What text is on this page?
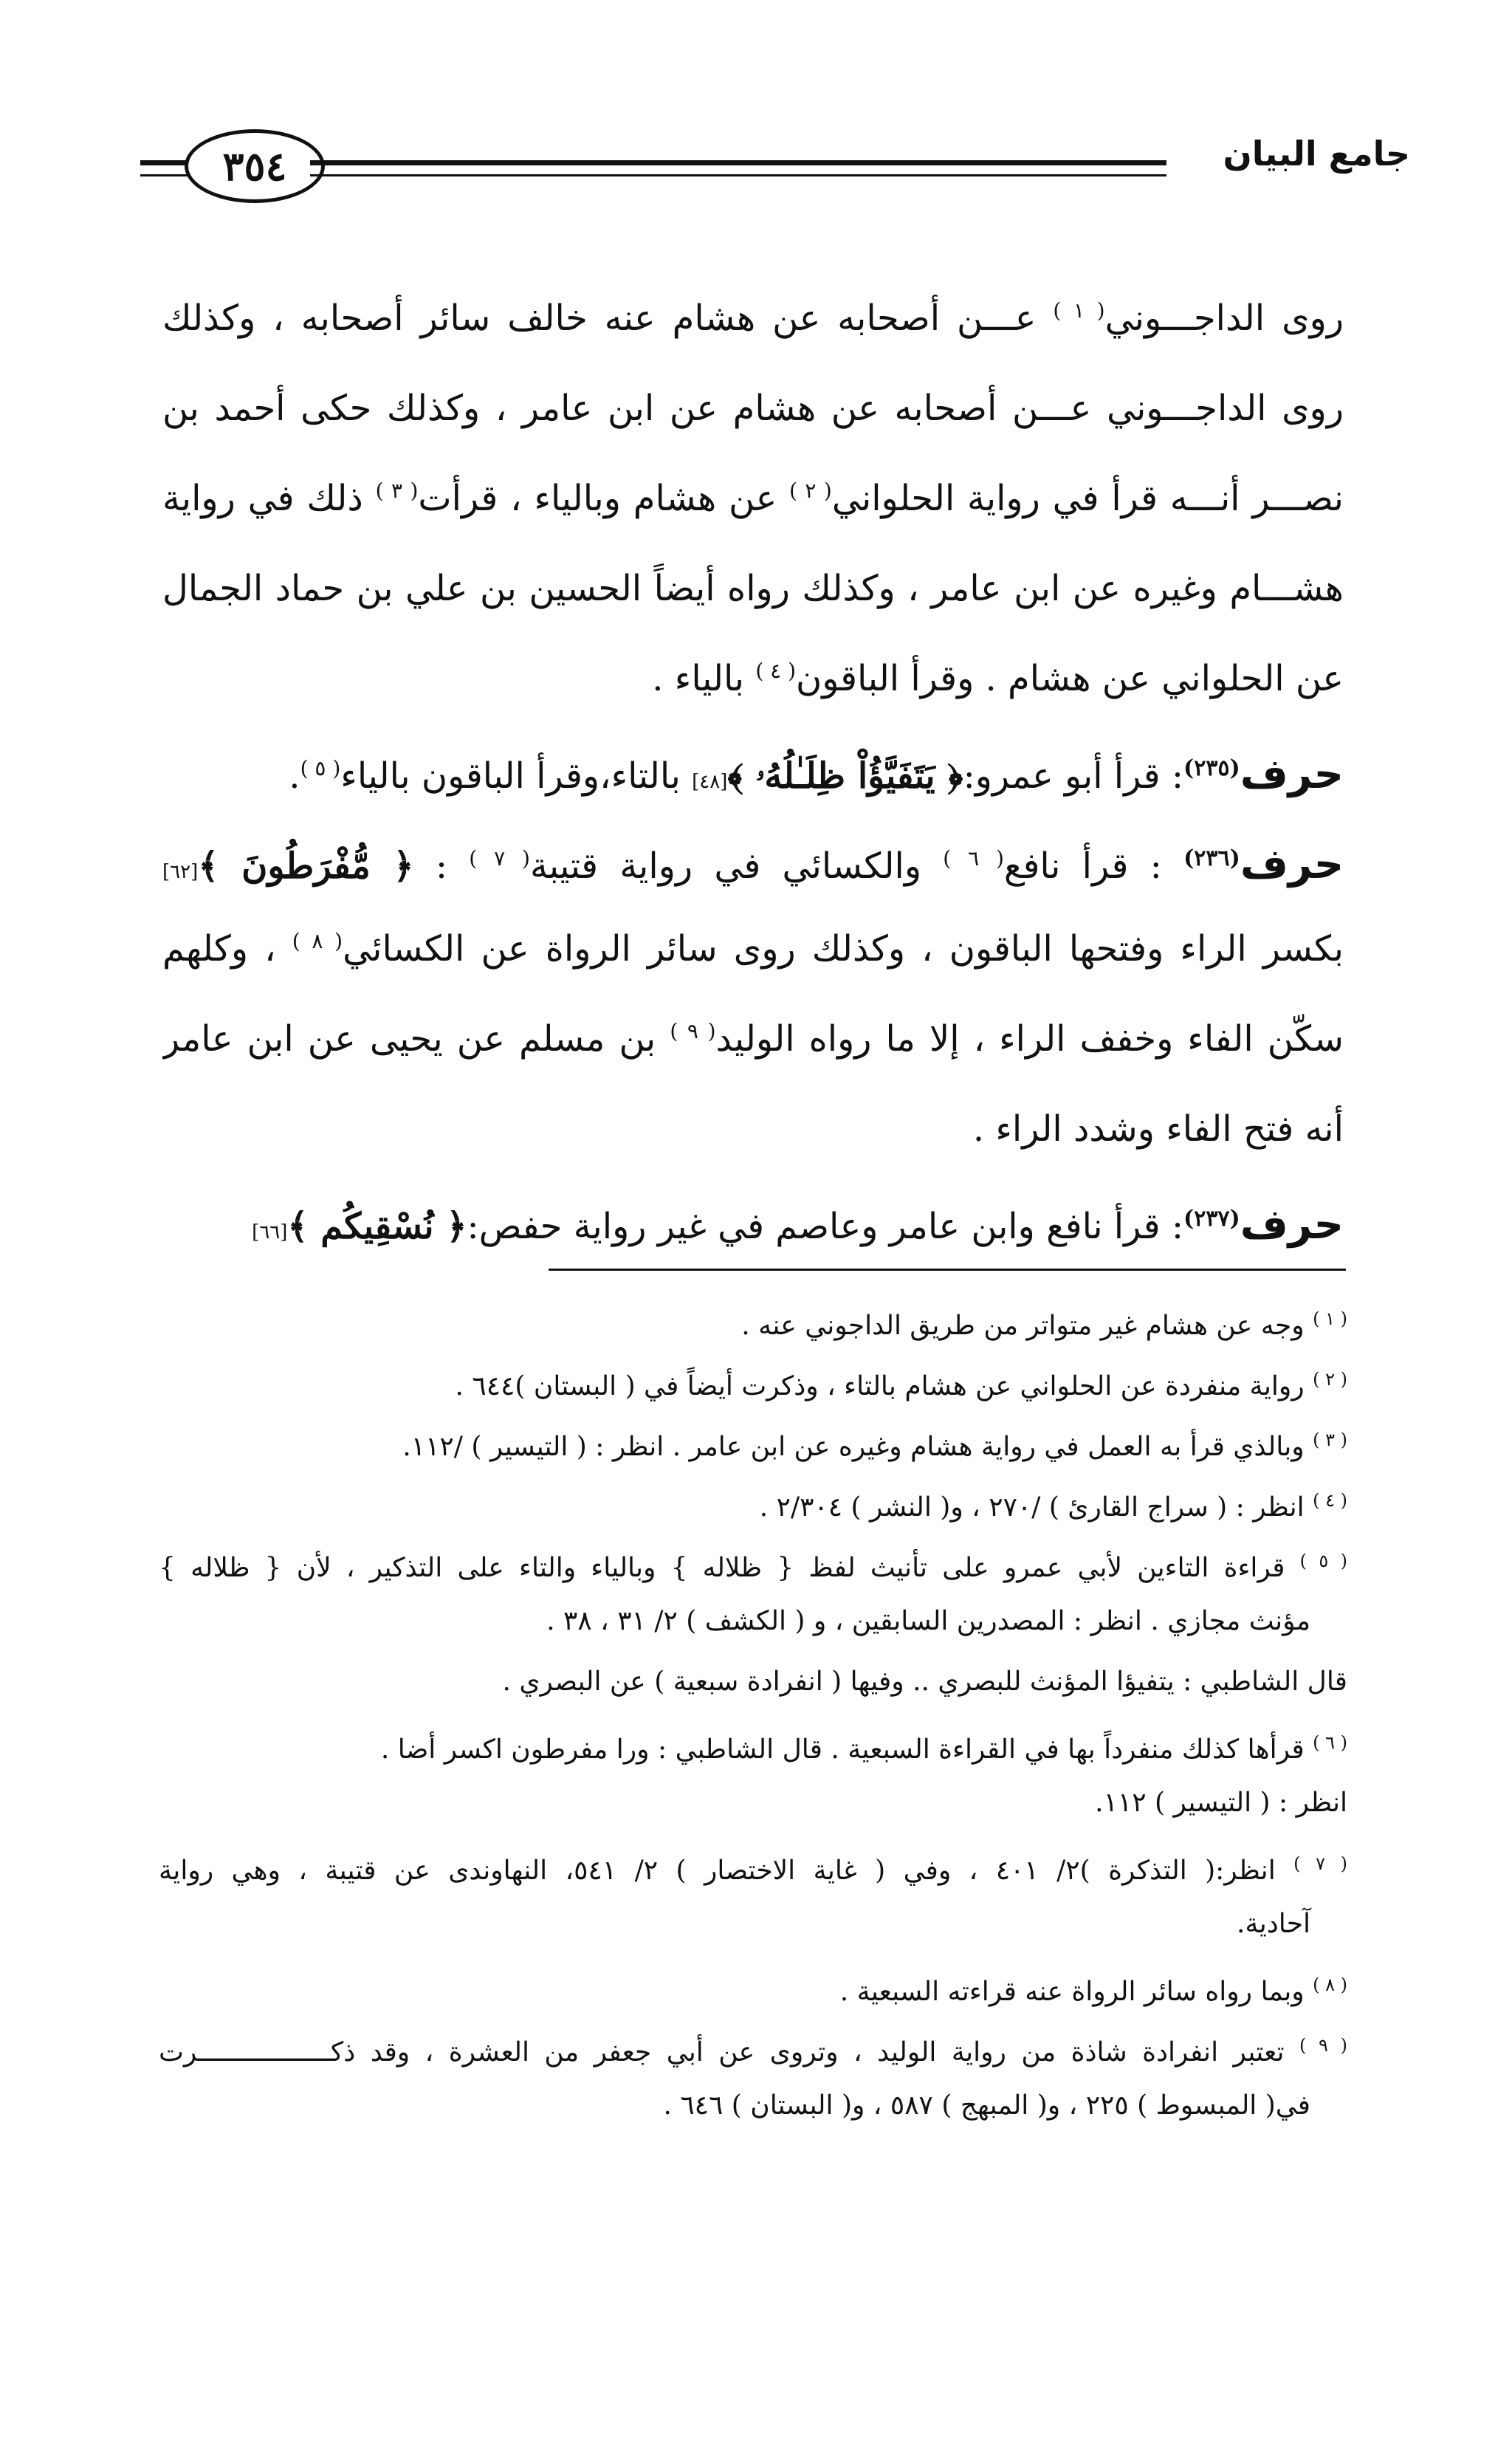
٣٥٤	جامع البيان
روى الداجـــوني$^{( ١ )}$ عـــن أصحابه عن هشام عنه خالف سائر أصحابه ، وكذلك
روى الداجـــوني عـــن أصحابه عن هشام عن ابن عامر ، وكذلك حكى أحمد بن
نصـــر أنـــه قرأ في رواية الحلواني$^{( ٢ )}$ عن هشام وبالياء ، قرأت$^{( ٣ )}$ ذلك في رواية
هشـــام وغيره عن ابن عامر ، وكذلك رواه أيضاً الحسين بن علي بن حماد الجمال
عن الحلواني عن هشام . وقرأ الباقون$^{( ٤ )}$ بالياء .
حرف$^{(٢٣٥)}$: قرأ أبو عمرو:﴿ يَتَفَيَّؤُاْ ظِلَـٰلُهُۥ ﴾[٤٨] بالتاء،وقرأ الباقون بالياء$^{( ٥ )}$.
حرف$^{(٢٣٦)}$ : قرأ نافع$^{( ٦ )}$ والكسائي في رواية قتيبة$^{( ٧ )}$ : ﴿ مُّفْرَطُونَ ﴾[٦٢]
بكسر الراء وفتحها الباقون ، وكذلك روى سائر الرواة عن الكسائي$^{( ٨ )}$ ، وكلهم
سكّن الفاء وخفف الراء ، إلا ما رواه الوليد$^{( ٩ )}$ بن مسلم عن يحيى عن ابن عامر
أنه فتح الفاء وشدد الراء .
حرف$^{(٢٣٧)}$: قرأ نافع وابن عامر وعاصم في غير رواية حفص:﴿ نُسْقِيكُم ﴾[٦٦]
$^{( ١ )}$ وجه عن هشام غير متواتر من طريق الداجوني عنه .
$^{( ٢ )}$ رواية منفردة عن الحلواني عن هشام بالتاء ، وذكرت أيضاً في ( البستان )٦٤٤ .
$^{( ٣ )}$ وبالذي قرأ به العمل في رواية هشام وغيره عن ابن عامر . انظر : ( التيسير ) /١١٢.
$^{( ٤ )}$ انظر : ( سراج القارئ ) /٢٧٠ ، و( النشر ) ٢/٣٠٤ .
$^{( ٥ )}$ قراءة التاءين لأبي عمرو على تأنيث لفظ { ظلاله } وبالياء والتاء على التذكير ، لأن { ظلاله }
مؤنث مجازي . انظر : المصدرين السابقين ، و ( الكشف ) ٢/ ٣١ ، ٣٨ .
قال الشاطبي : يتفيؤا المؤنث للبصري .. وفيها ( انفرادة سبعية ) عن البصري .
$^{( ٦ )}$ قرأها كذلك منفرداً بها في القراءة السبعية . قال الشاطبي : ورا مفرطون اكسر أضا .
انظر : ( التيسير ) ١١٢.
$^{( ٧ )}$ انظر:( التذكرة )٢/ ٤٠١ ، وفي ( غاية الاختصار ) ٢/ ٥٤١، النهاوندى عن قتيبة ، وهي رواية
آحادية.
$^{( ٨ )}$ وبما رواه سائر الرواة عنه قراءته السبعية .
$^{( ٩ )}$ تعتبر انفرادة شاذة من رواية الوليد ، وتروى عن أبي جعفر من العشرة ، وقد ذكـــــــــــــــــرت
في( المبسوط ) ٢٢٥ ، و( المبهج ) ٥٨٧ ، و( البستان ) ٦٤٦ .
